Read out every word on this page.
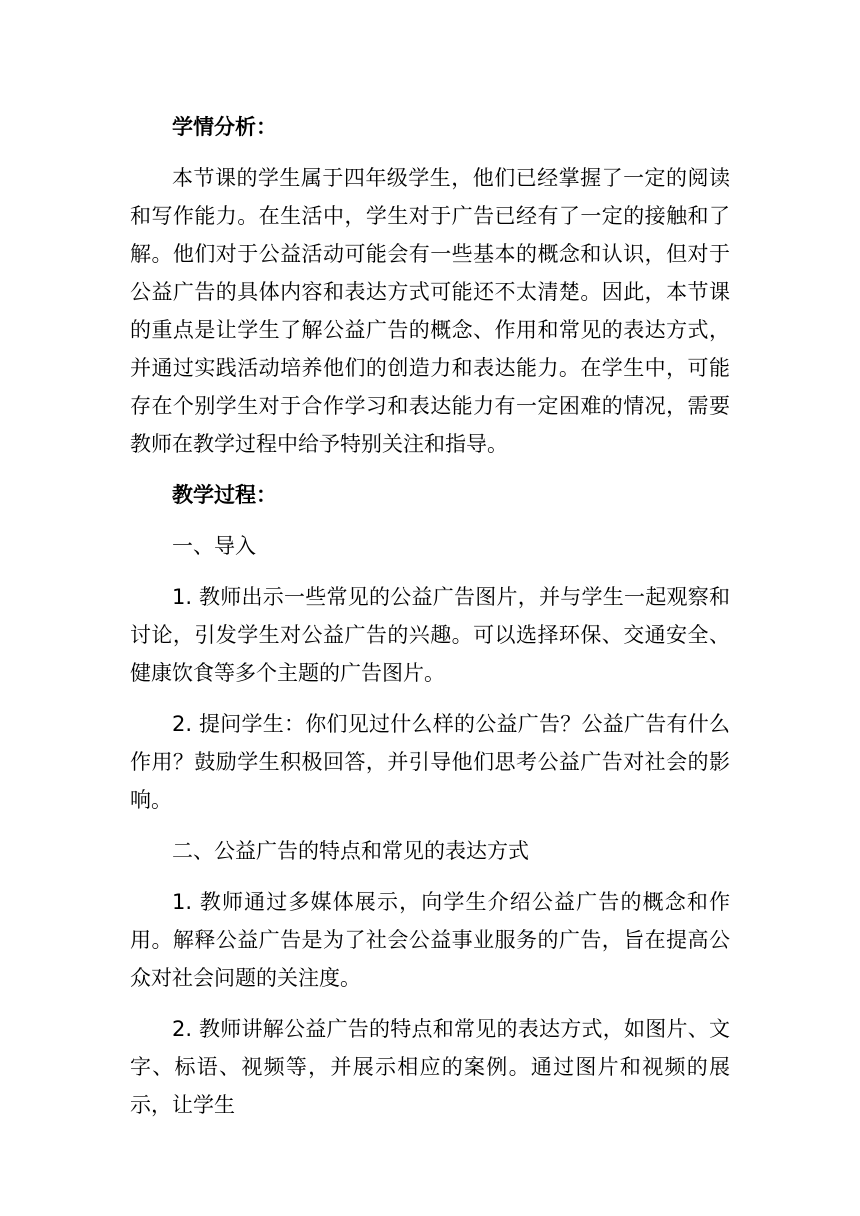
学情分析：

本节课的学生属于四年级学生，他们已经掌握了一定的阅读和写作能力。在生活中，学生对于广告已经有了一定的接触和了解。他们对于公益活动可能会有一些基本的概念和认识，但对于公益广告的具体内容和表达方式可能还不太清楚。因此，本节课的重点是让学生了解公益广告的概念、作用和常见的表达方式，并通过实践活动培养他们的创造力和表达能力。在学生中，可能存在个别学生对于合作学习和表达能力有一定困难的情况，需要教师在教学过程中给予特别关注和指导。

教学过程：

一、导入

1. 教师出示一些常见的公益广告图片，并与学生一起观察和讨论，引发学生对公益广告的兴趣。可以选择环保、交通安全、健康饮食等多个主题的广告图片。

2. 提问学生：你们见过什么样的公益广告？公益广告有什么作用？鼓励学生积极回答，并引导他们思考公益广告对社会的影响。

二、公益广告的特点和常见的表达方式

1. 教师通过多媒体展示，向学生介绍公益广告的概念和作用。解释公益广告是为了社会公益事业服务的广告，旨在提高公众对社会问题的关注度。

2. 教师讲解公益广告的特点和常见的表达方式，如图片、文字、标语、视频等，并展示相应的案例。通过图片和视频的展示，让学生
